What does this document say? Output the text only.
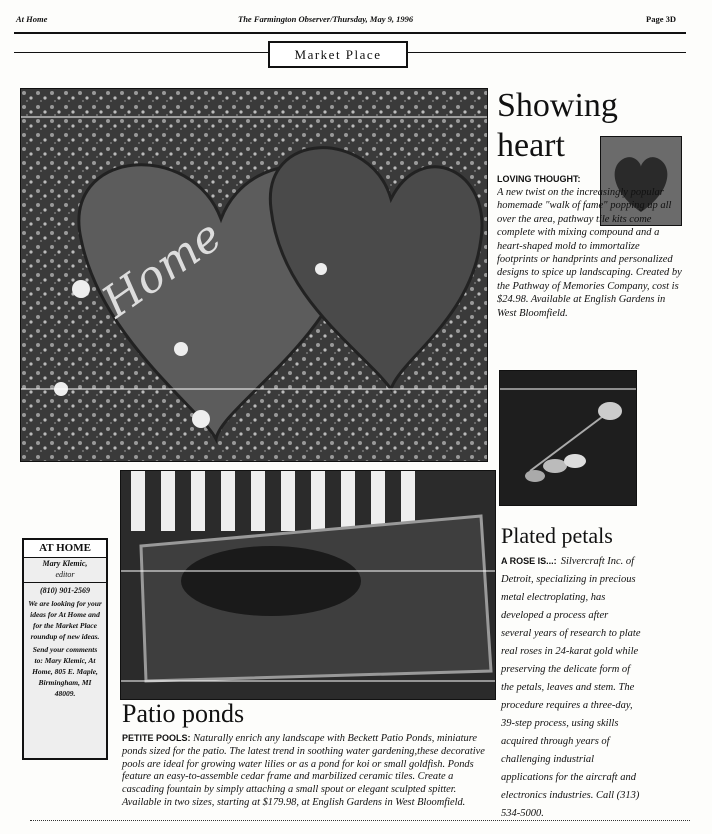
At Home	The Farmington Observer/Thursday, May 9, 1996	Page 3D
Market Place
Home
Showing
heart
LOVING THOUGHT:
A new twist on the increasingly popular homemade "walk of fame" popping up all over the area, pathway tile kits come complete with mixing compound and a heart-shaped mold to immortalize footprints or handprints and personalized designs to spice up landscaping. Created by the Pathway of Memories Company, cost is $24.98. Available at English Gardens in West Bloomfield.
Plated petals
A ROSE IS...: Silvercraft Inc. of Detroit, specializing in precious metal electroplating, has developed a process after several years of research to plate real roses in 24-karat gold while preserving the delicate form of the petals, leaves and stem. The procedure requires a three-day, 39-step process, using skills acquired through years of challenging industrial applications for the aircraft and electronics industries. Call (313) 534-5000.
AT HOME
Mary Klemic,
editor
(810) 901-2569
We are looking for your ideas for At Home and for the Market Place roundup of new ideas.
Send your comments to: Mary Klemic, At Home, 805 E. Maple, Birmingham, MI 48009.
Patio ponds
PETITE POOLS: Naturally enrich any landscape with Beckett Patio Ponds, miniature ponds sized for the patio. The latest trend in soothing water gardening,these decorative pools are ideal for growing water lilies or as a pond for koi or small goldfish. Ponds feature an easy-to-assemble cedar frame and marbilized ceramic tiles. Create a cascading fountain by simply attaching a small spout or elegant sculpted spitter. Available in two sizes, starting at $179.98, at English Gardens in West Bloomfield.
